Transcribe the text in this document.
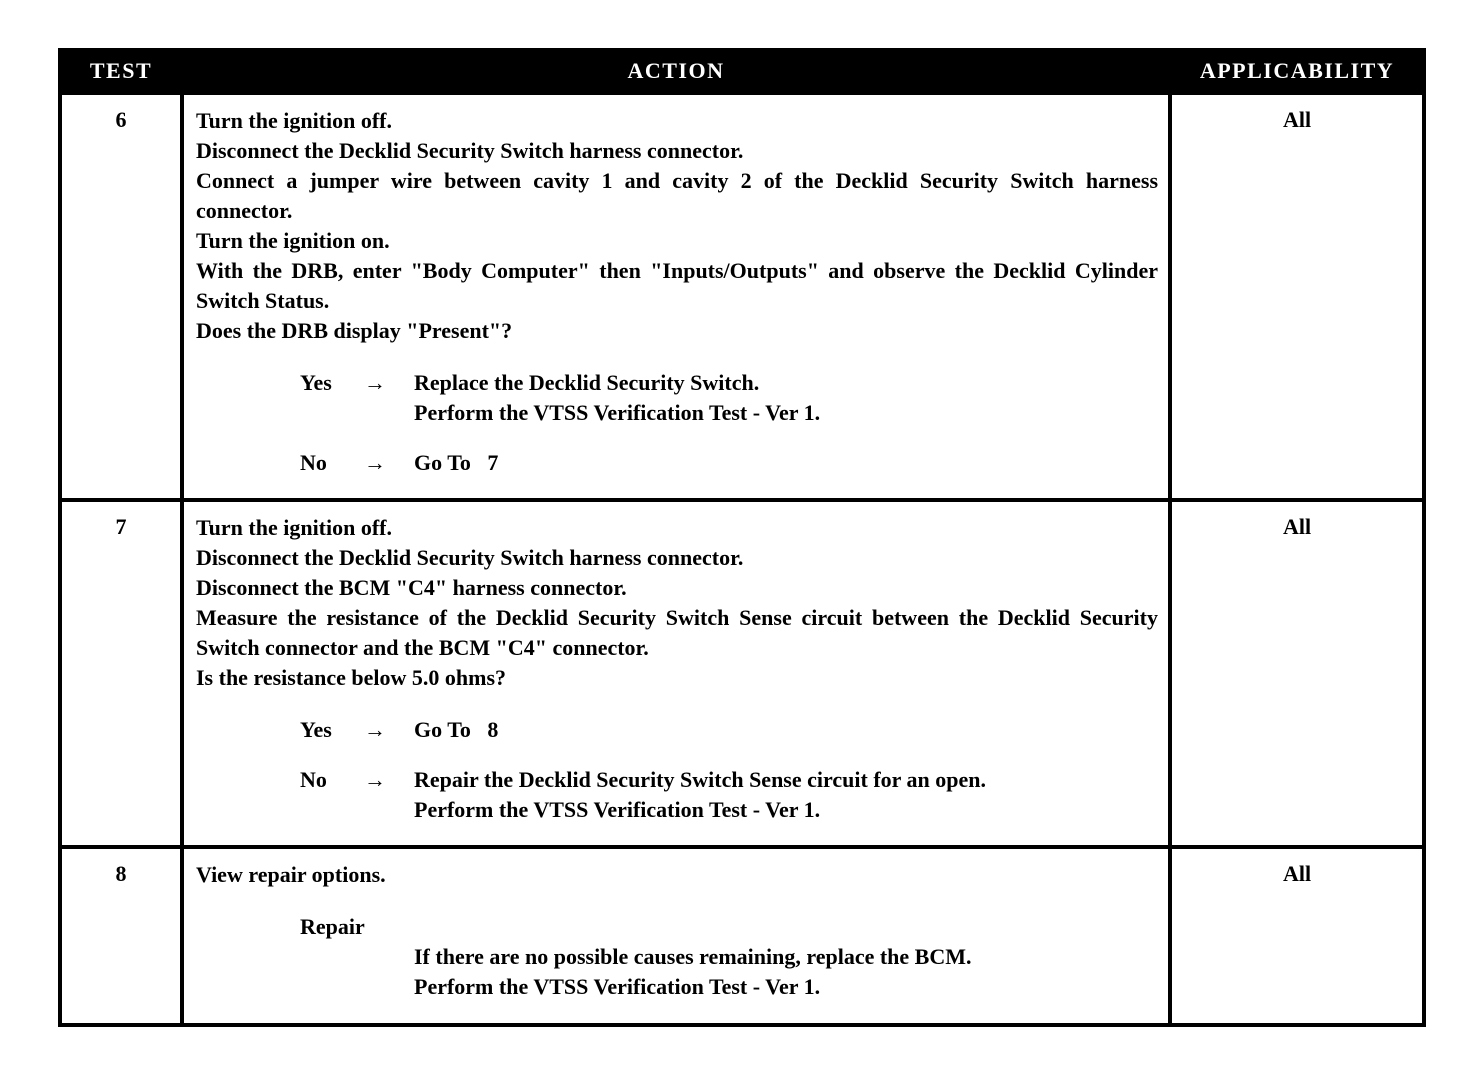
TEST	ACTION	APPLICABILITY
6	Turn the ignition off.
Disconnect the Decklid Security Switch harness connector.
Connect a jumper wire between cavity 1 and cavity 2 of the Decklid Security Switch harness connector.
Turn the ignition on.
With the DRB, enter "Body Computer" then "Inputs/Outputs" and observe the Decklid Cylinder Switch Status.
Does the DRB display "Present"?
Yes	→	Replace the Decklid Security Switch.
Perform the VTSS Verification Test - Ver 1.
No	→	Go To   7
	All
7	Turn the ignition off.
Disconnect the Decklid Security Switch harness connector.
Disconnect the BCM "C4" harness connector.
Measure the resistance of the Decklid Security Switch Sense circuit between the Decklid Security Switch connector and the BCM "C4" connector.
Is the resistance below 5.0 ohms?
Yes	→	Go To   8
No	→	Repair the Decklid Security Switch Sense circuit for an open.
Perform the VTSS Verification Test - Ver 1.
	All
8	View repair options.
Repair
If there are no possible causes remaining, replace the BCM.
Perform the VTSS Verification Test - Ver 1.	All
